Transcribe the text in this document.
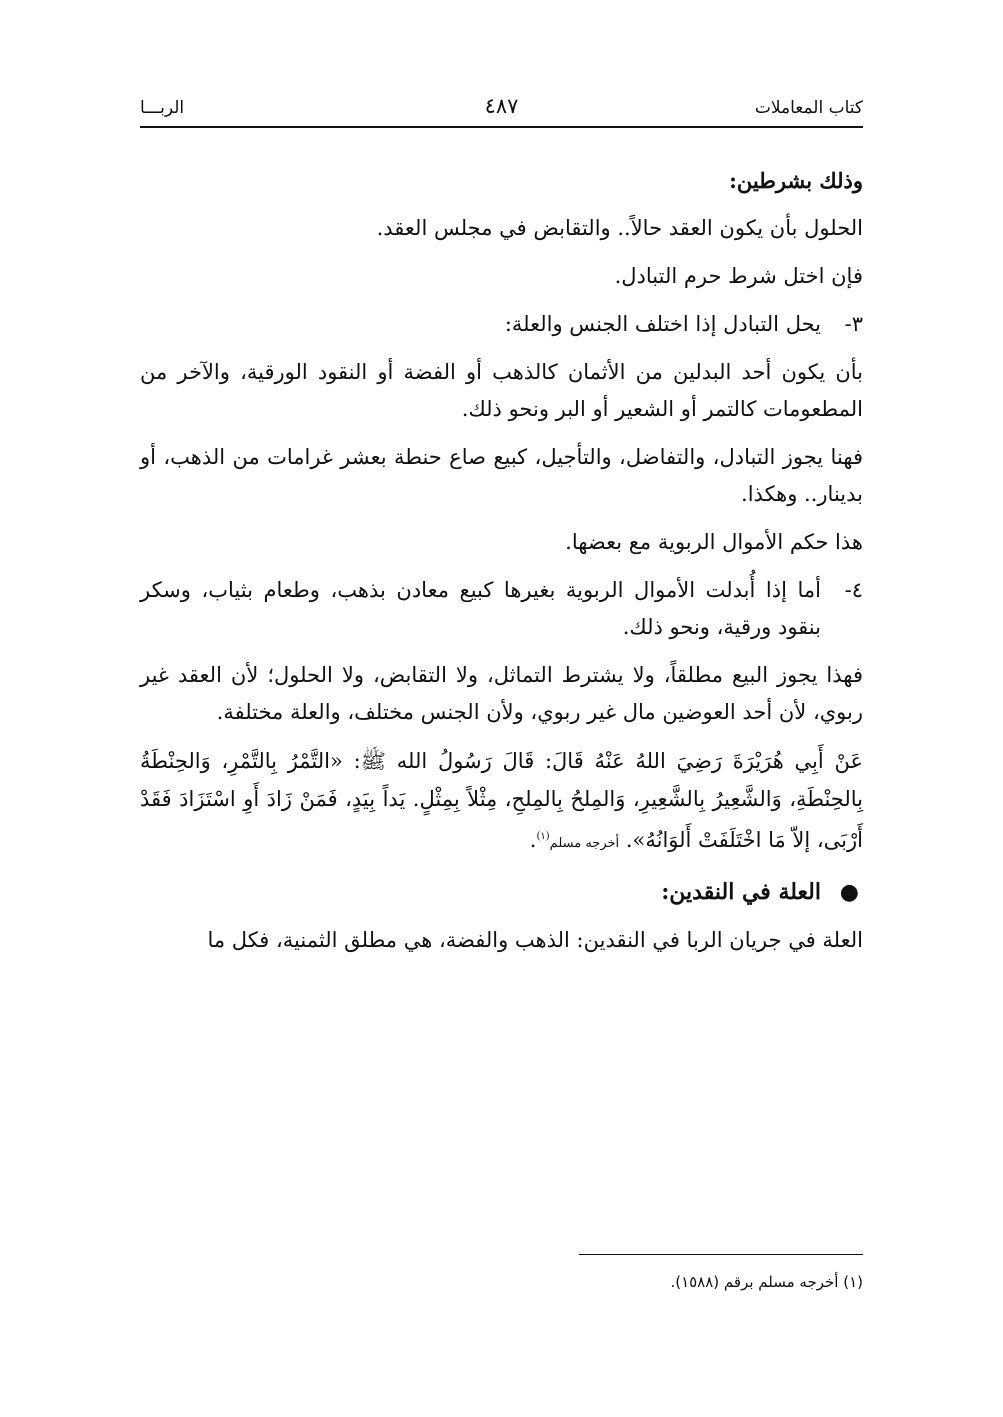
كتاب المعاملات
٤٨٧
الربـــا

وذلك بشرطين:

الحلول بأن يكون العقد حالاً.. والتقابض في مجلس العقد.

فإن اختل شرط حرم التبادل.

٣-
يحل التبادل إذا اختلف الجنس والعلة:

بأن يكون أحد البدلين من الأثمان كالذهب أو الفضة أو النقود الورقية، والآخر من المطعومات كالتمر أو الشعير أو البر ونحو ذلك.

فهنا يجوز التبادل، والتفاضل، والتأجيل، كبيع صاع حنطة بعشر غرامات من الذهب، أو بدينار.. وهكذا.

هذا حكم الأموال الربوية مع بعضها.

٤-
أما إذا أُبدلت الأموال الربوية بغيرها كبيع معادن بذهب، وطعام بثياب، وسكر بنقود ورقية، ونحو ذلك.

فهذا يجوز البيع مطلقاً، ولا يشترط التماثل، ولا التقابض، ولا الحلول؛ لأن العقد غير ربوي، لأن أحد العوضين مال غير ربوي، ولأن الجنس مختلف، والعلة مختلفة.

عَنْ أَبِي هُرَيْرَةَ رَضِيَ اللهُ عَنْهُ قَالَ: قَالَ رَسُولُ الله ﷺ: «التَّمْرُ بِالتَّمْرِ، وَالحِنْطَةُ بِالحِنْطَةِ، وَالشَّعِيرُ بِالشَّعِيرِ، وَالمِلحُ بِالمِلحِ، مِثْلاً بِمِثْلٍ. يَداً بِيَدٍ، فَمَنْ زَادَ أَوِ اسْتَزَادَ فَقَدْ أَرْبَى، إلاّ مَا اخْتَلَفَتْ أَلوَانُهُ». أخرجه مسلم$^{(١)}$.

●
العلة في النقدين:

العلة في جريان الربا في النقدين: الذهب والفضة، هي مطلق الثمنية، فكل ما

(١) أخرجه مسلم برقم (١٥٨٨).
